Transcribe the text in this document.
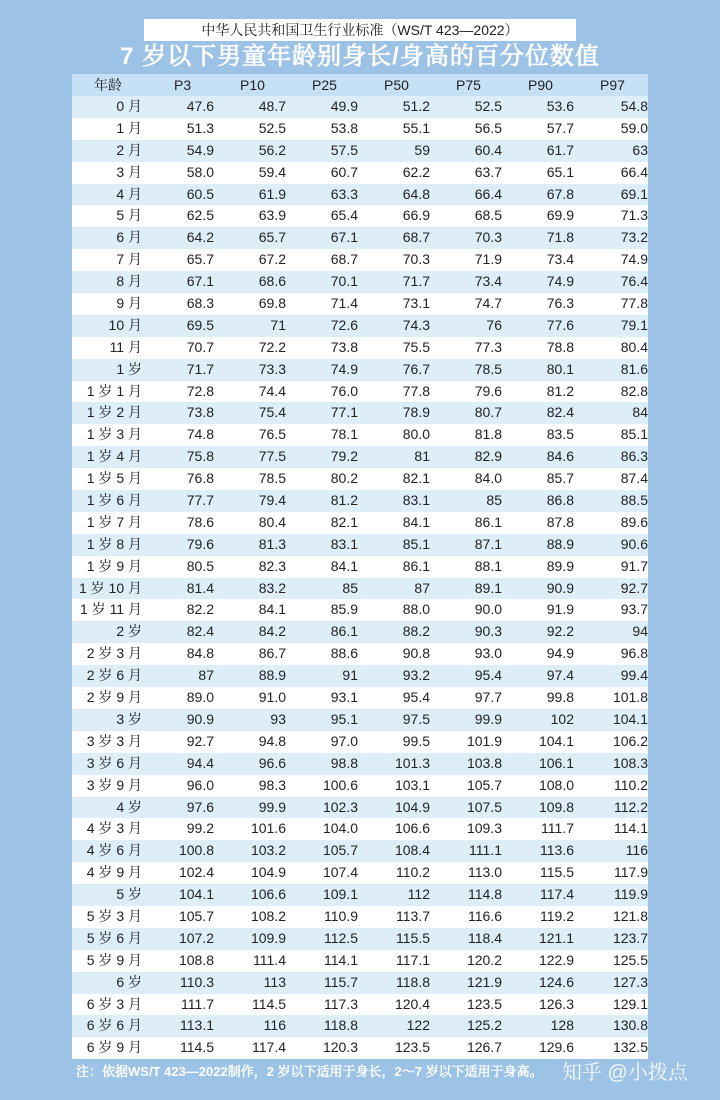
中华人民共和国卫生行业标准（WS/T 423—2022）
7 岁以下男童年龄别身长/身高的百分位数值
年龄	P3	P10	P25	P50	P75	P90	P97
0 月	47.6	48.7	49.9	51.2	52.5	53.6	54.8
1 月	51.3	52.5	53.8	55.1	56.5	57.7	59.0
2 月	54.9	56.2	57.5	59	60.4	61.7	63
3 月	58.0	59.4	60.7	62.2	63.7	65.1	66.4
4 月	60.5	61.9	63.3	64.8	66.4	67.8	69.1
5 月	62.5	63.9	65.4	66.9	68.5	69.9	71.3
6 月	64.2	65.7	67.1	68.7	70.3	71.8	73.2
7 月	65.7	67.2	68.7	70.3	71.9	73.4	74.9
8 月	67.1	68.6	70.1	71.7	73.4	74.9	76.4
9 月	68.3	69.8	71.4	73.1	74.7	76.3	77.8
10 月	69.5	71	72.6	74.3	76	77.6	79.1
11 月	70.7	72.2	73.8	75.5	77.3	78.8	80.4
1 岁	71.7	73.3	74.9	76.7	78.5	80.1	81.6
1 岁 1 月	72.8	74.4	76.0	77.8	79.6	81.2	82.8
1 岁 2 月	73.8	75.4	77.1	78.9	80.7	82.4	84
1 岁 3 月	74.8	76.5	78.1	80.0	81.8	83.5	85.1
1 岁 4 月	75.8	77.5	79.2	81	82.9	84.6	86.3
1 岁 5 月	76.8	78.5	80.2	82.1	84.0	85.7	87.4
1 岁 6 月	77.7	79.4	81.2	83.1	85	86.8	88.5
1 岁 7 月	78.6	80.4	82.1	84.1	86.1	87.8	89.6
1 岁 8 月	79.6	81.3	83.1	85.1	87.1	88.9	90.6
1 岁 9 月	80.5	82.3	84.1	86.1	88.1	89.9	91.7
1 岁 10 月	81.4	83.2	85	87	89.1	90.9	92.7
1 岁 11 月	82.2	84.1	85.9	88.0	90.0	91.9	93.7
2 岁	82.4	84.2	86.1	88.2	90.3	92.2	94
2 岁 3 月	84.8	86.7	88.6	90.8	93.0	94.9	96.8
2 岁 6 月	87	88.9	91	93.2	95.4	97.4	99.4
2 岁 9 月	89.0	91.0	93.1	95.4	97.7	99.8	101.8
3 岁	90.9	93	95.1	97.5	99.9	102	104.1
3 岁 3 月	92.7	94.8	97.0	99.5	101.9	104.1	106.2
3 岁 6 月	94.4	96.6	98.8	101.3	103.8	106.1	108.3
3 岁 9 月	96.0	98.3	100.6	103.1	105.7	108.0	110.2
4 岁	97.6	99.9	102.3	104.9	107.5	109.8	112.2
4 岁 3 月	99.2	101.6	104.0	106.6	109.3	111.7	114.1
4 岁 6 月	100.8	103.2	105.7	108.4	111.1	113.6	116
4 岁 9 月	102.4	104.9	107.4	110.2	113.0	115.5	117.9
5 岁	104.1	106.6	109.1	112	114.8	117.4	119.9
5 岁 3 月	105.7	108.2	110.9	113.7	116.6	119.2	121.8
5 岁 6 月	107.2	109.9	112.5	115.5	118.4	121.1	123.7
5 岁 9 月	108.8	111.4	114.1	117.1	120.2	122.9	125.5
6 岁	110.3	113	115.7	118.8	121.9	124.6	127.3
6 岁 3 月	111.7	114.5	117.3	120.4	123.5	126.3	129.1
6 岁 6 月	113.1	116	118.8	122	125.2	128	130.8
6 岁 9 月	114.5	117.4	120.3	123.5	126.7	129.6	132.5
注：依据WS/T 423—2022制作，2 岁以下适用于身长，2～7 岁以下适用于身高。 知乎 @小拨点
